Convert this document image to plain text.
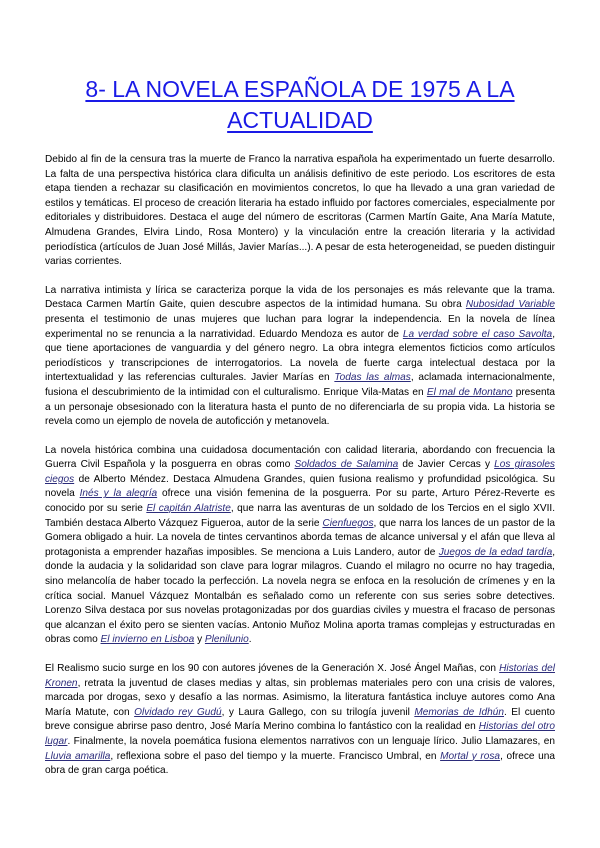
8- LA NOVELA ESPAÑOLA DE 1975 A LA ACTUALIDAD

Debido al fin de la censura tras la muerte de Franco la narrativa española ha experimentado un fuerte desarrollo. La falta de una perspectiva histórica clara dificulta un análisis definitivo de este periodo. Los escritores de esta etapa tienden a rechazar su clasificación en movimientos concretos, lo que ha llevado a una gran variedad de estilos y temáticas. El proceso de creación literaria ha estado influido por factores comerciales, especialmente por editoriales y distribuidores. Destaca el auge del número de escritoras (Carmen Martín Gaite, Ana María Matute, Almudena Grandes, Elvira Lindo, Rosa Montero) y la vinculación entre la creación literaria y la actividad periodística (artículos de Juan José Millás, Javier Marías...). A pesar de esta heterogeneidad, se pueden distinguir varias corrientes.

La narrativa intimista y lírica se caracteriza porque la vida de los personajes es más relevante que la trama. Destaca Carmen Martín Gaite, quien descubre aspectos de la intimidad humana. Su obra Nubosidad Variable presenta el testimonio de unas mujeres que luchan para lograr la independencia. En la novela de línea experimental no se renuncia a la narratividad. Eduardo Mendoza es autor de La verdad sobre el caso Savolta, que tiene aportaciones de vanguardia y del género negro. La obra integra elementos ficticios como artículos periodísticos y transcripciones de interrogatorios. La novela de fuerte carga intelectual destaca por la intertextualidad y las referencias culturales. Javier Marías en Todas las almas, aclamada internacionalmente, fusiona el descubrimiento de la intimidad con el culturalismo. Enrique Vila-Matas en El mal de Montano presenta a un personaje obsesionado con la literatura hasta el punto de no diferenciarla de su propia vida. La historia se revela como un ejemplo de novela de autoficción y metanovela.

La novela histórica combina una cuidadosa documentación con calidad literaria, abordando con frecuencia la Guerra Civil Española y la posguerra en obras como Soldados de Salamina de Javier Cercas y Los girasoles ciegos de Alberto Méndez. Destaca Almudena Grandes, quien fusiona realismo y profundidad psicológica. Su novela Inés y la alegría ofrece una visión femenina de la posguerra. Por su parte, Arturo Pérez-Reverte es conocido por su serie El capitán Alatriste, que narra las aventuras de un soldado de los Tercios en el siglo XVII. También destaca Alberto Vázquez Figueroa, autor de la serie Cienfuegos, que narra los lances de un pastor de la Gomera obligado a huir. La novela de tintes cervantinos aborda temas de alcance universal y el afán que lleva al protagonista a emprender hazañas imposibles. Se menciona a Luis Landero, autor de Juegos de la edad tardía, donde la audacia y la solidaridad son clave para lograr milagros. Cuando el milagro no ocurre no hay tragedia, sino melancolía de haber tocado la perfección. La novela negra se enfoca en la resolución de crímenes y en la crítica social. Manuel Vázquez Montalbán es señalado como un referente con sus series sobre detectives. Lorenzo Silva destaca por sus novelas protagonizadas por dos guardias civiles y muestra el fracaso de personas que alcanzan el éxito pero se sienten vacías. Antonio Muñoz Molina aporta tramas complejas y estructuradas en obras como El invierno en Lisboa y Plenilunio.

El Realismo sucio surge en los 90 con autores jóvenes de la Generación X. José Ángel Mañas, con Historias del Kronen, retrata la juventud de clases medias y altas, sin problemas materiales pero con una crisis de valores, marcada por drogas, sexo y desafío a las normas. Asimismo, la literatura fantástica incluye autores como Ana María Matute, con Olvidado rey Gudú, y Laura Gallego, con su trilogía juvenil Memorias de Idhún. El cuento breve consigue abrirse paso dentro, José María Merino combina lo fantástico con la realidad en Historias del otro lugar. Finalmente, la novela poemática fusiona elementos narrativos con un lenguaje lírico. Julio Llamazares, en Lluvia amarilla, reflexiona sobre el paso del tiempo y la muerte. Francisco Umbral, en Mortal y rosa, ofrece una obra de gran carga poética.
